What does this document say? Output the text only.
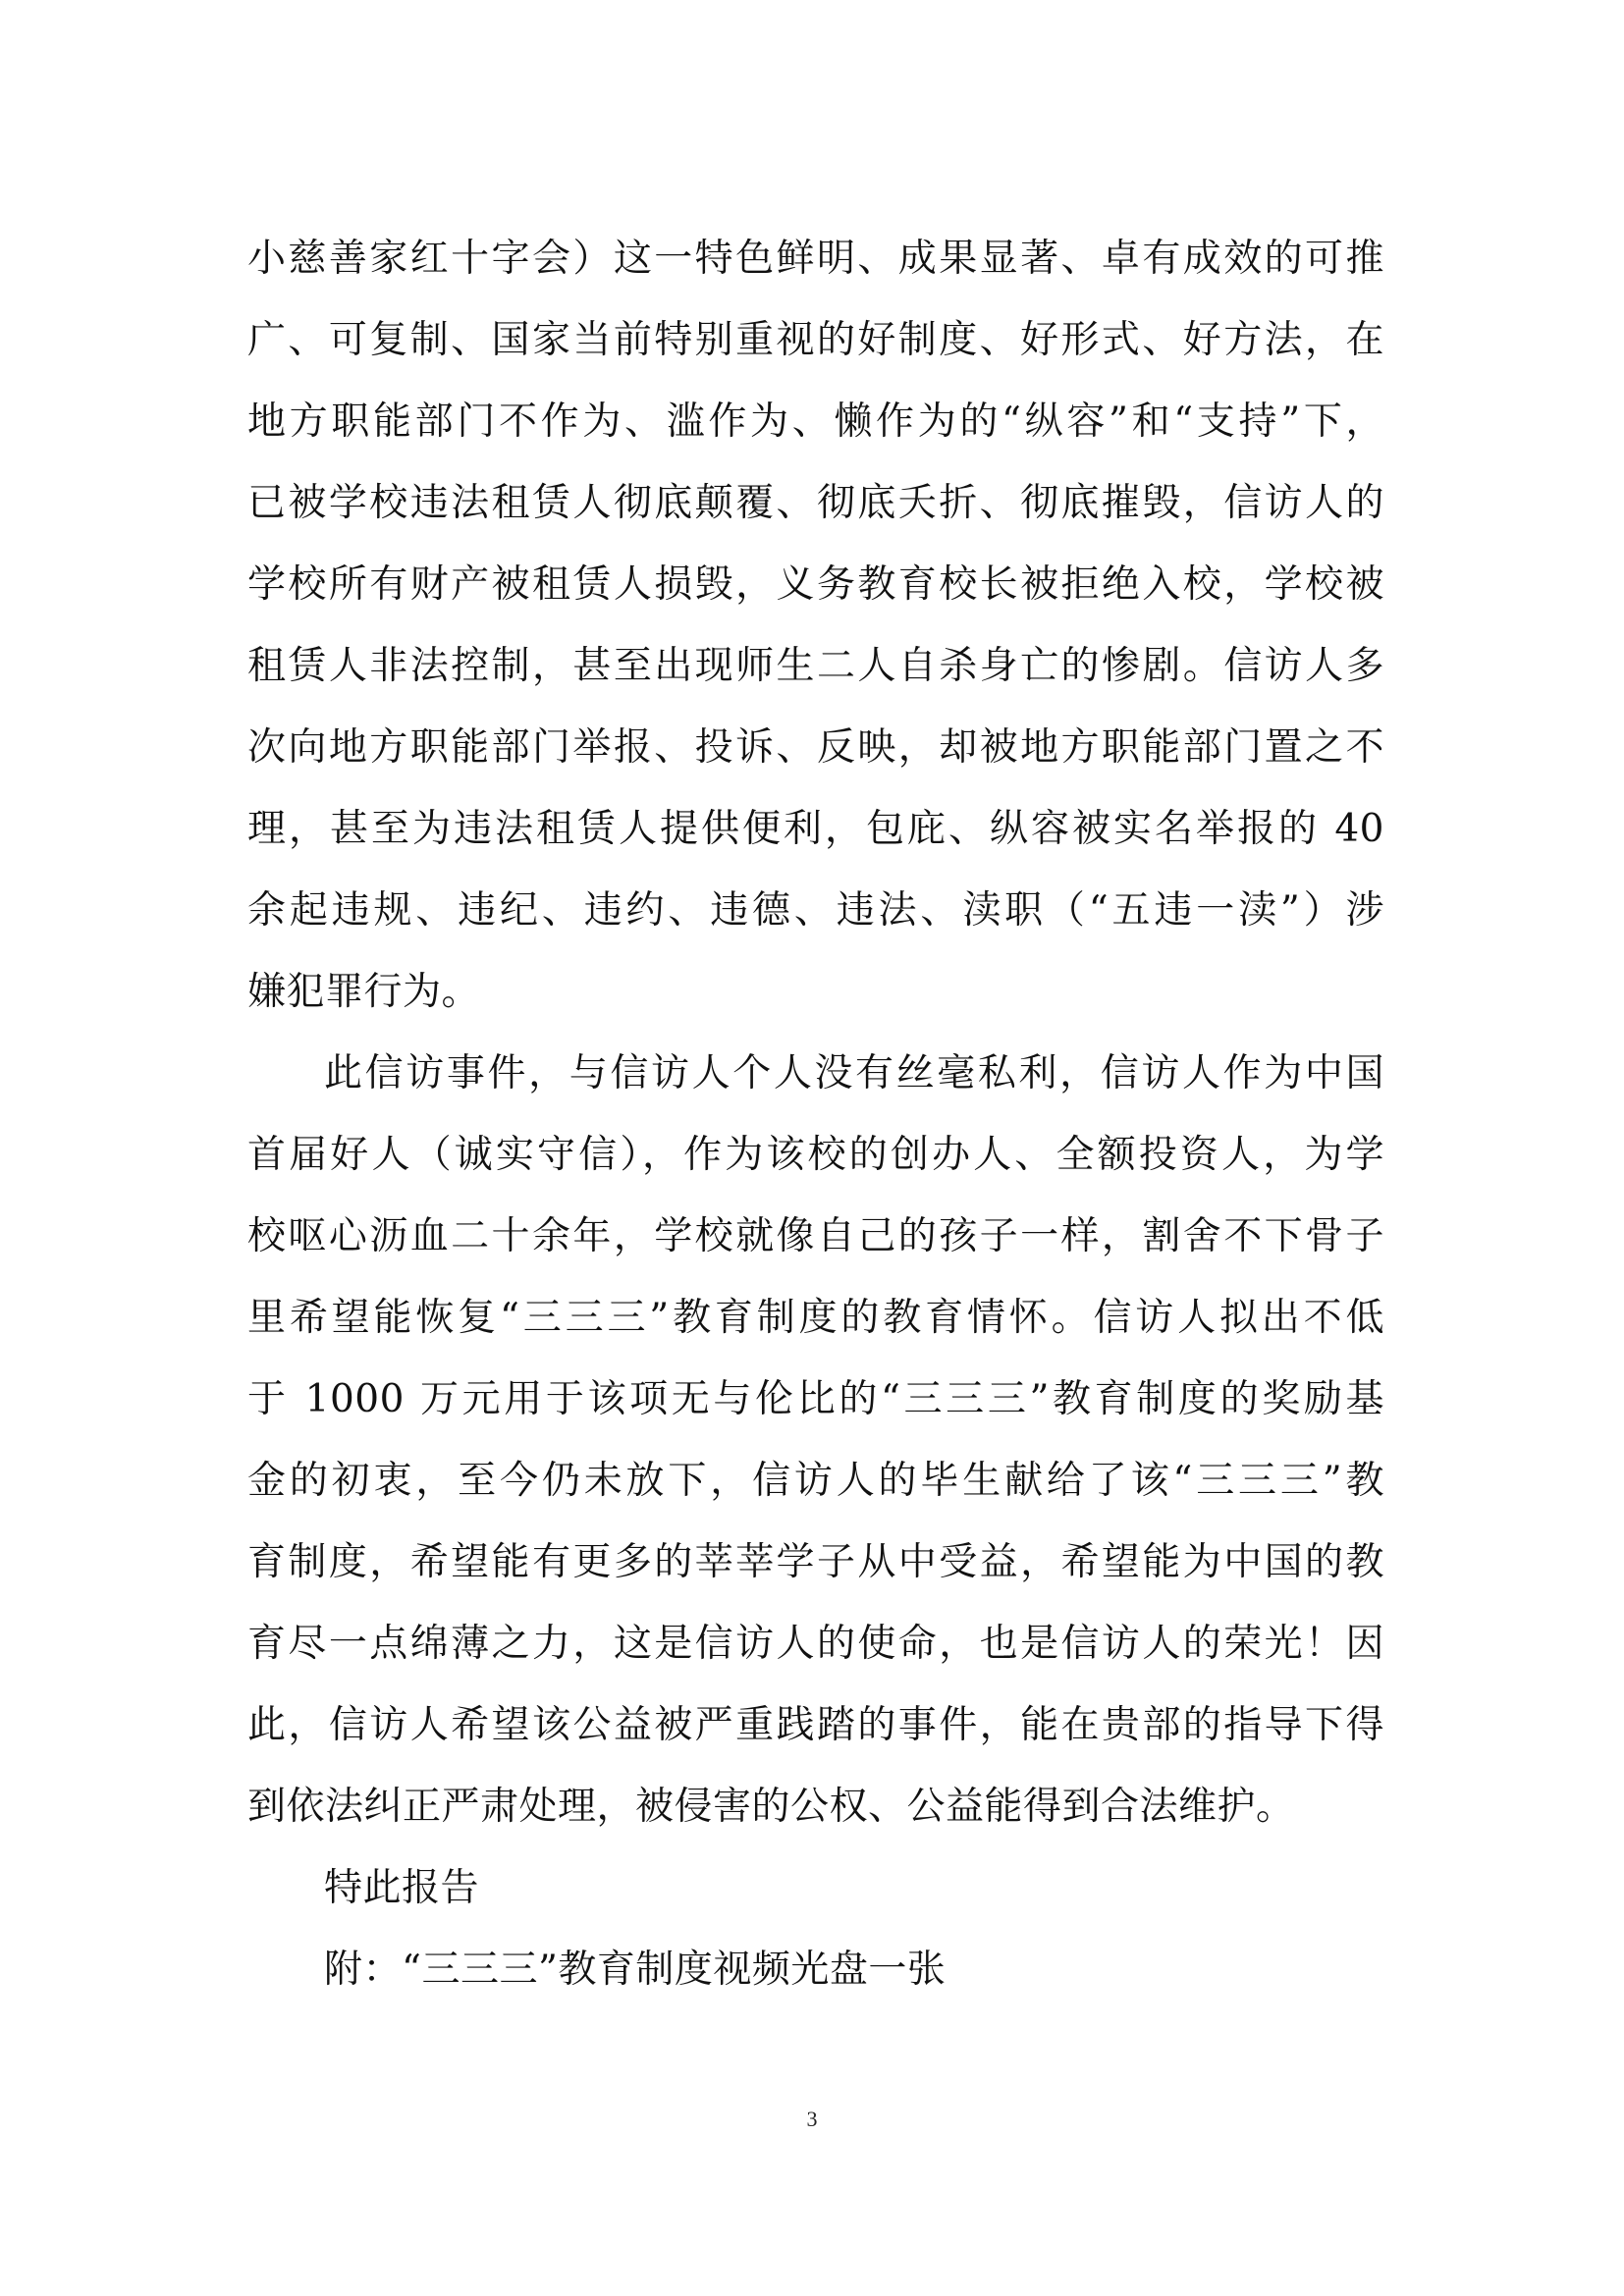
小慈善家红十字会）这一特色鲜明、成果显著、卓有成效的可推
广、可复制、国家当前特别重视的好制度、好形式、好方法，在
地方职能部门不作为、滥作为、懒作为的“纵容”和“支持”下，
已被学校违法租赁人彻底颠覆、彻底夭折、彻底摧毁，信访人的
学校所有财产被租赁人损毁，义务教育校长被拒绝入校，学校被
租赁人非法控制，甚至出现师生二人自杀身亡的惨剧。信访人多
次向地方职能部门举报、投诉、反映，却被地方职能部门置之不
理，甚至为违法租赁人提供便利，包庇、纵容被实名举报的 40
余起违规、违纪、违约、违德、违法、渎职（“五违一渎”）涉
嫌犯罪行为。
此信访事件，与信访人个人没有丝毫私利，信访人作为中国
首届好人（诚实守信），作为该校的创办人、全额投资人，为学
校呕心沥血二十余年，学校就像自己的孩子一样，割舍不下骨子
里希望能恢复“三三三”教育制度的教育情怀。信访人拟出不低
于 1000 万元用于该项无与伦比的“三三三”教育制度的奖励基
金的初衷，至今仍未放下，信访人的毕生献给了该“三三三”教
育制度，希望能有更多的莘莘学子从中受益，希望能为中国的教
育尽一点绵薄之力，这是信访人的使命，也是信访人的荣光！因
此，信访人希望该公益被严重践踏的事件，能在贵部的指导下得
到依法纠正严肃处理，被侵害的公权、公益能得到合法维护。
特此报告
附：“三三三”教育制度视频光盘一张
3
